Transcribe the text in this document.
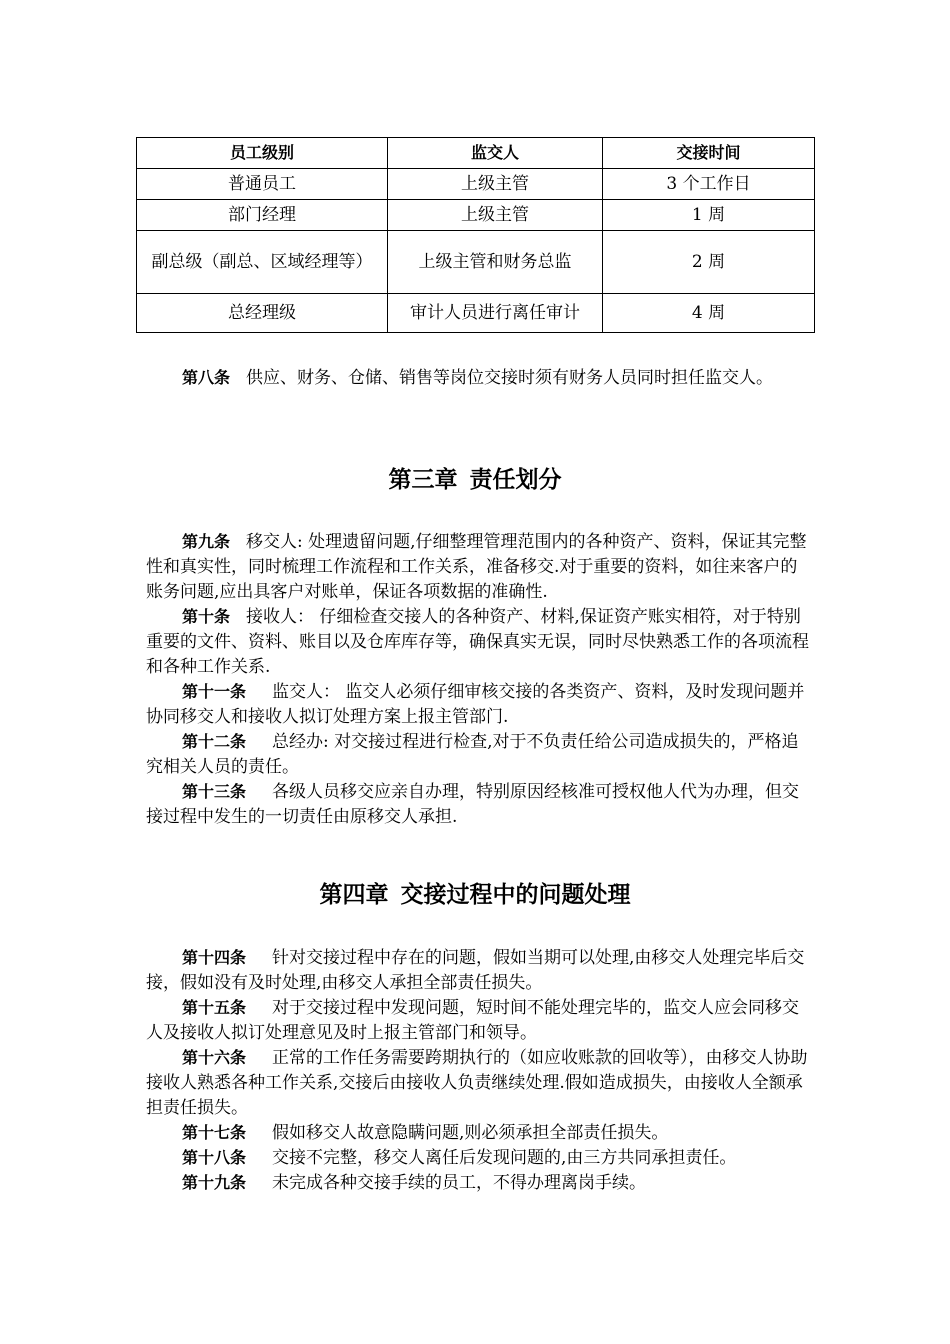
员工级别	监交人	交接时间
普通员工	上级主管	3 个工作日
部门经理	上级主管	1 周
副总级（副总、区域经理等）	上级主管和财务总监	2 周
总经理级	审计人员进行离任审计	4 周

第八条 供应、财务、仓储、销售等岗位交接时须有财务人员同时担任监交人。

第三章 责任划分

第九条 移交人: 处理遗留问题,仔细整理管理范围内的各种资产、资料，保证其完整性和真实性，同时梳理工作流程和工作关系，准备移交.对于重要的资料，如往来客户的账务问题,应出具客户对账单，保证各项数据的准确性.

第十条 接收人： 仔细检查交接人的各种资产、材料,保证资产账实相符，对于特别重要的文件、资料、账目以及仓库库存等，确保真实无误，同时尽快熟悉工作的各项流程和各种工作关系.

第十一条 监交人： 监交人必须仔细审核交接的各类资产、资料，及时发现问题并协同移交人和接收人拟订处理方案上报主管部门.

第十二条 总经办: 对交接过程进行检查,对于不负责任给公司造成损失的，严格追究相关人员的责任。

第十三条 各级人员移交应亲自办理，特别原因经核准可授权他人代为办理，但交接过程中发生的一切责任由原移交人承担.

第四章 交接过程中的问题处理

第十四条 针对交接过程中存在的问题，假如当期可以处理,由移交人处理完毕后交接，假如没有及时处理,由移交人承担全部责任损失。

第十五条 对于交接过程中发现问题，短时间不能处理完毕的，监交人应会同移交人及接收人拟订处理意见及时上报主管部门和领导。

第十六条 正常的工作任务需要跨期执行的（如应收账款的回收等），由移交人协助接收人熟悉各种工作关系,交接后由接收人负责继续处理.假如造成损失，由接收人全额承担责任损失。

第十七条 假如移交人故意隐瞒问题,则必须承担全部责任损失。

第十八条 交接不完整，移交人离任后发现问题的,由三方共同承担责任。

第十九条 未完成各种交接手续的员工，不得办理离岗手续。
